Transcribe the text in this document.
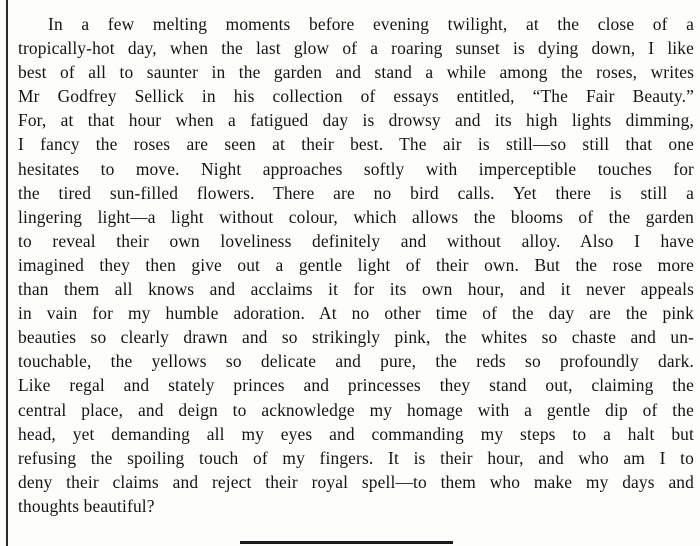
In a few melting moments before evening twilight, at the close of a
tropically-hot day, when the last glow of a roaring sunset is dying down, I like
best of all to saunter in the garden and stand a while among the roses, writes
Mr Godfrey Sellick in his collection of essays entitled, “The Fair Beauty.”
For, at that hour when a fatigued day is drowsy and its high lights dimming,
I fancy the roses are seen at their best. The air is still—so still that one
hesitates to move. Night approaches softly with imperceptible touches for
the tired sun-filled flowers. There are no bird calls. Yet there is still a
lingering light—a light without colour, which allows the blooms of the garden
to reveal their own loveliness definitely and without alloy. Also I have
imagined they then give out a gentle light of their own. But the rose more
than them all knows and acclaims it for its own hour, and it never appeals
in vain for my humble adoration. At no other time of the day are the pink
beauties so clearly drawn and so strikingly pink, the whites so chaste and un-
touchable, the yellows so delicate and pure, the reds so profoundly dark.
Like regal and stately princes and princesses they stand out, claiming the
central place, and deign to acknowledge my homage with a gentle dip of the
head, yet demanding all my eyes and commanding my steps to a halt but
refusing the spoiling touch of my fingers. It is their hour, and who am I to
deny their claims and reject their royal spell—to them who make my days and
thoughts beautiful?
